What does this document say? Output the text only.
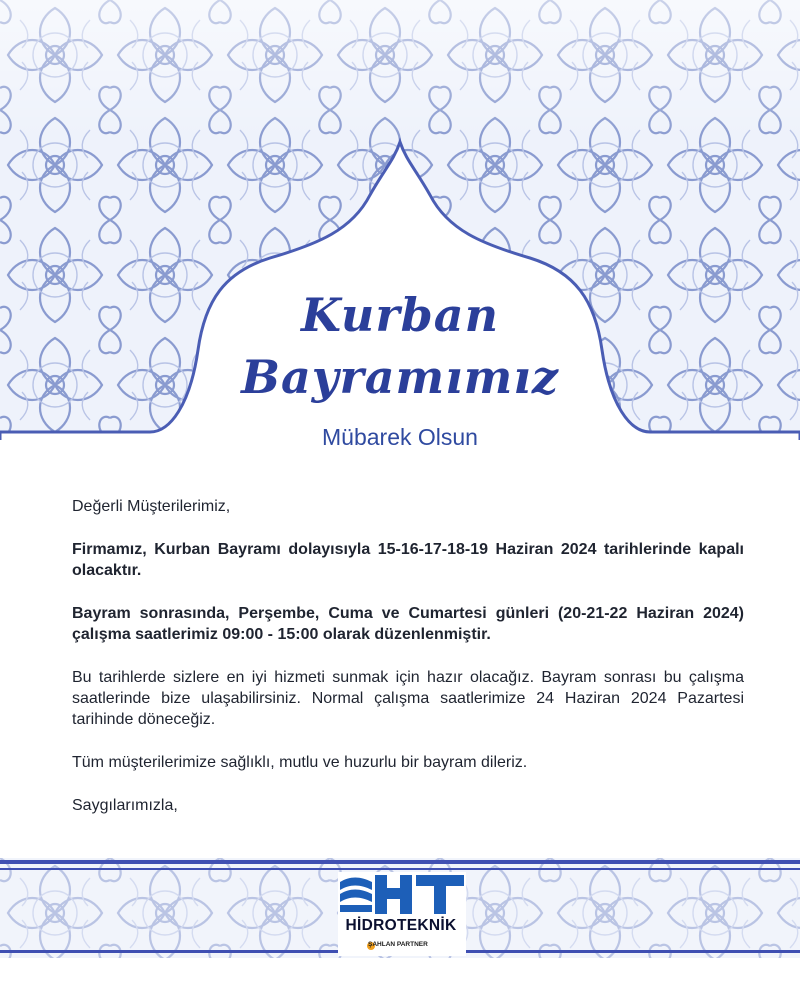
Kurban
Bayramımız
Mübarek Olsun

Değerli Müşterilerimiz,

Firmamız, Kurban Bayramı dolayısıyla 15-16-17-18-19 Haziran 2024 tarihlerinde kapalı olacaktır.

Bayram sonrasında, Perşembe, Cuma ve Cumartesi günleri (20-21-22 Haziran 2024) çalışma saatlerimiz 09:00 - 15:00 olarak düzenlenmiştir.

Bu tarihlerde sizlere en iyi hizmeti sunmak için hazır olacağız. Bayram sonrası bu çalışma saatlerinde bize ulaşabilirsiniz. Normal çalışma saatlerimize 24 Haziran 2024 Pazartesi tarihinde döneceğiz.

Tüm müşterilerimize sağlıklı, mutlu ve huzurlu bir bayram dileriz.

Saygılarımızla,

HİDROTEKNİK
ŞAHLAN PARTNER
